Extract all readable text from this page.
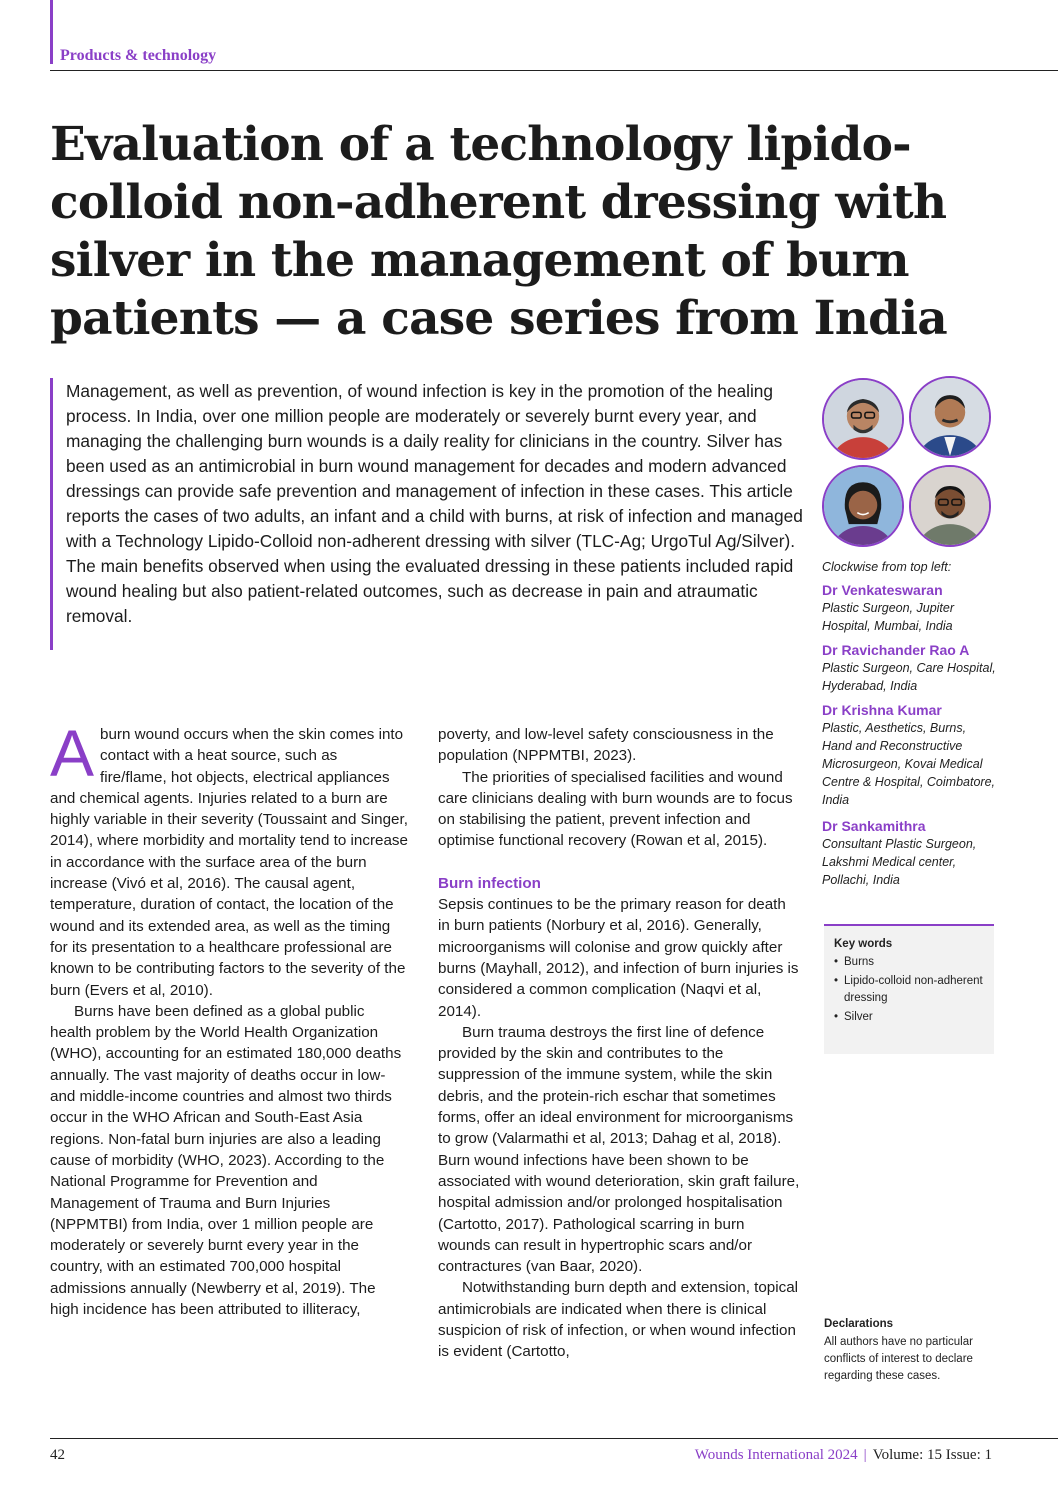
Products & technology
Evaluation of a technology lipido-colloid non-adherent dressing with silver in the management of burn patients — a case series from India

Management, as well as prevention, of wound infection is key in the promotion of the healing process. In India, over one million people are moderately or severely burnt every year, and managing the challenging burn wounds is a daily reality for clinicians in the country. Silver has been used as an antimicrobial in burn wound management for decades and modern advanced dressings can provide safe prevention and management of infection in these cases. This article reports the cases of two adults, an infant and a child with burns, at risk of infection and managed with a Technology Lipido-Colloid non-adherent dressing with silver (TLC-Ag; UrgoTul Ag/Silver). The main benefits observed when using the evaluated dressing in these patients included rapid wound healing but also patient-related outcomes, such as decrease in pain and atraumatic removal.

Clockwise from top left:
Dr Venkateswaran
Plastic Surgeon, Jupiter Hospital, Mumbai, India
Dr Ravichander Rao A
Plastic Surgeon, Care Hospital, Hyderabad, India
Dr Krishna Kumar
Plastic, Aesthetics, Burns, Hand and Reconstructive Microsurgeon, Kovai Medical Centre & Hospital, Coimbatore, India
Dr Sankamithra
Consultant Plastic Surgeon, Lakshmi Medical center, Pollachi, India
Key words
• Burns
• Lipido-colloid non-adherent dressing
• Silver
Declarations
All authors have no particular conflicts of interest to declare regarding these cases.

Aburn wound occurs when the skin comes into contact with a heat source, such as fire/flame, hot objects, electrical appliances and chemical agents. Injuries related to a burn are highly variable in their severity (Toussaint and Singer, 2014), where morbidity and mortality tend to increase in accordance with the surface area of the burn increase (Vivó et al, 2016). The causal agent, temperature, duration of contact, the location of the wound and its extended area, as well as the timing for its presentation to a healthcare professional are known to be contributing factors to the severity of the burn (Evers et al, 2010).

Burns have been defined as a global public health problem by the World Health Organization (WHO), accounting for an estimated 180,000 deaths annually. The vast majority of deaths occur in low- and middle-income countries and almost two thirds occur in the WHO African and South-East Asia regions. Non-fatal burn injuries are also a leading cause of morbidity (WHO, 2023). According to the National Programme for Prevention and Management of Trauma and Burn Injuries (NPPMTBI) from India, over 1 million people are moderately or severely burnt every year in the country, with an estimated 700,000 hospital admissions annually (Newberry et al, 2019). The high incidence has been attributed to illiteracy,

poverty, and low-level safety consciousness in the population (NPPMTBI, 2023).

The priorities of specialised facilities and wound care clinicians dealing with burn wounds are to focus on stabilising the patient, prevent infection and optimise functional recovery (Rowan et al, 2015).

Burn infection

Sepsis continues to be the primary reason for death in burn patients (Norbury et al, 2016). Generally, microorganisms will colonise and grow quickly after burns (Mayhall, 2012), and infection of burn injuries is considered a common complication (Naqvi et al, 2014).

Burn trauma destroys the first line of defence provided by the skin and contributes to the suppression of the immune system, while the skin debris, and the protein-rich eschar that sometimes forms, offer an ideal environment for microorganisms to grow (Valarmathi et al, 2013; Dahag et al, 2018). Burn wound infections have been shown to be associated with wound deterioration, skin graft failure, hospital admission and/or prolonged hospitalisation (Cartotto, 2017). Pathological scarring in burn wounds can result in hypertrophic scars and/or contractures (van Baar, 2020).

Notwithstanding burn depth and extension, topical antimicrobials are indicated when there is clinical suspicion of risk of infection, or when wound infection is evident (Cartotto,

42	Wounds International 2024 | Volume: 15 Issue: 1
